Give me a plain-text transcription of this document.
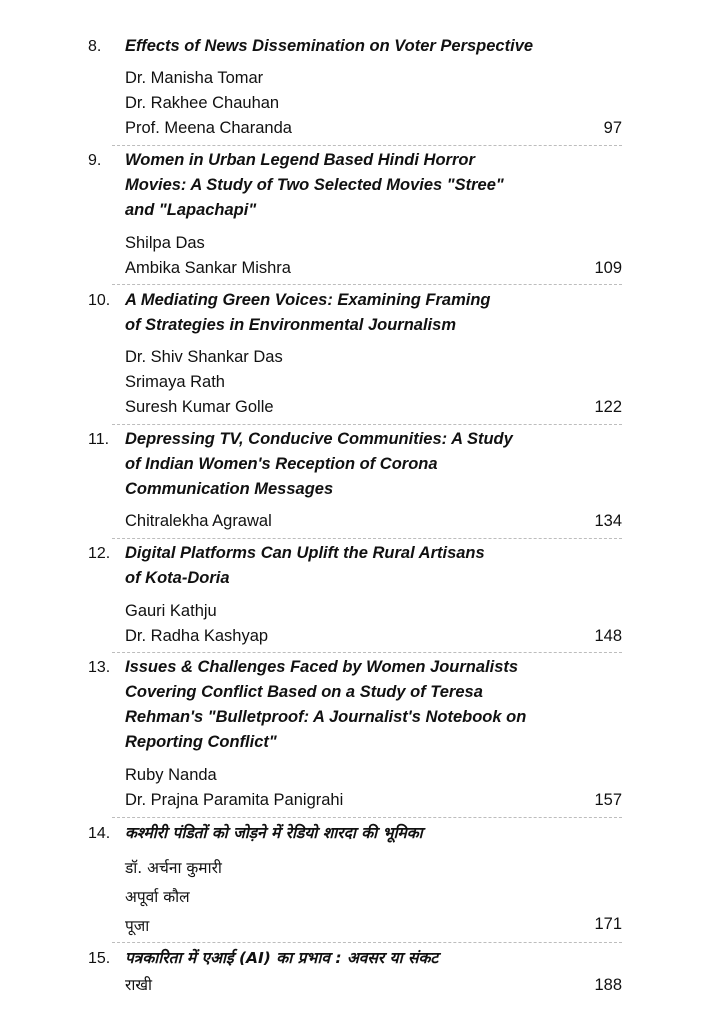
8.	Effects of News Dissemination on Voter Perspective
Dr. Manisha Tomar
Dr. Rakhee Chauhan
Prof. Meena Charanda	97
9.	Women in Urban Legend Based Hindi Horror
Movies: A Study of Two Selected Movies "Stree"
and "Lapachapi"
Shilpa Das
Ambika Sankar Mishra	109
10. A Mediating Green Voices: Examining Framing
of Strategies in Environmental Journalism
Dr. Shiv Shankar Das
Srimaya Rath
Suresh Kumar Golle	122
11. Depressing TV, Conducive Communities: A Study
of Indian Women's Reception of Corona
Communication Messages
Chitralekha Agrawal	134
12. Digital Platforms Can Uplift the Rural Artisans
of Kota-Doria
Gauri Kathju
Dr. Radha Kashyap	148
13. Issues & Challenges Faced by Women Journalists
Covering Conflict Based on a Study of Teresa
Rehman's "Bulletproof: A Journalist's Notebook on
Reporting Conflict"
Ruby Nanda
Dr. Prajna Paramita Panigrahi	157
14. कश्मीरी पंडितों को जोड़ने में रेडियो शारदा की भूमिका
डॉ. अर्चना कुमारी
अपूर्वा कौल
पूजा	171
15. पत्रकारिता में एआई (AI) का प्रभाव : अवसर या संकट
राखी	188
